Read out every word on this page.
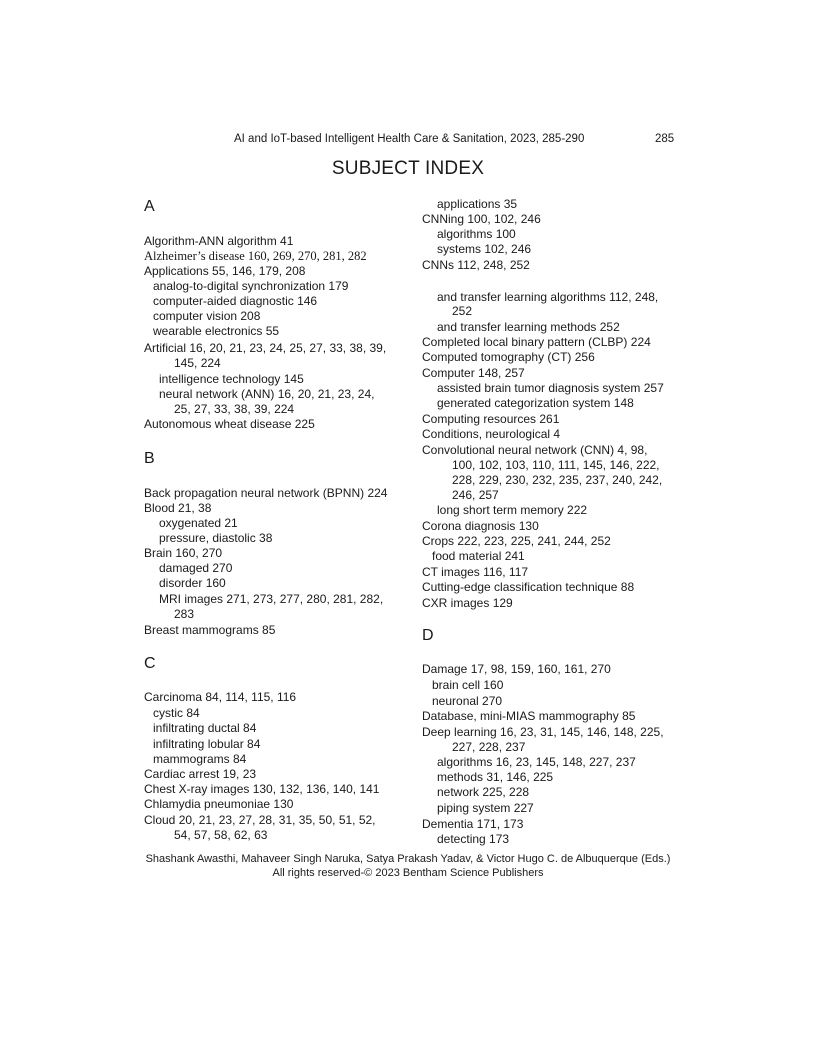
AI and IoT-based Intelligent Health Care & Sanitation, 2023, 285-290	285
SUBJECT INDEX
A
Algorithm-ANN algorithm 41
Alzheimer’s disease 160, 269, 270, 281, 282
Applications 55, 146, 179, 208
analog-to-digital synchronization 179
computer-aided diagnostic 146
computer vision 208
wearable electronics 55
Artificial 16, 20, 21, 23, 24, 25, 27, 33, 38, 39,
145, 224
intelligence technology 145
neural network (ANN) 16, 20, 21, 23, 24,
25, 27, 33, 38, 39, 224
Autonomous wheat disease 225
B
Back propagation neural network (BPNN) 224
Blood 21, 38
oxygenated 21
pressure, diastolic 38
Brain 160, 270
damaged 270
disorder 160
MRI images 271, 273, 277, 280, 281, 282,
283
Breast mammograms 85
C
Carcinoma 84, 114, 115, 116
cystic 84
infiltrating ductal 84
infiltrating lobular 84
mammograms 84
Cardiac arrest 19, 23
Chest X-ray images 130, 132, 136, 140, 141
Chlamydia pneumoniae 130
Cloud 20, 21, 23, 27, 28, 31, 35, 50, 51, 52,
54, 57, 58, 62, 63
applications 35
CNNing 100, 102, 246
algorithms 100
systems 102, 246
CNNs 112, 248, 252
and transfer learning algorithms 112, 248,
252
and transfer learning methods 252
Completed local binary pattern (CLBP) 224
Computed tomography (CT) 256
Computer 148, 257
assisted brain tumor diagnosis system 257
generated categorization system 148
Computing resources 261
Conditions, neurological 4
Convolutional neural network (CNN) 4, 98,
100, 102, 103, 110, 111, 145, 146, 222,
228, 229, 230, 232, 235, 237, 240, 242,
246, 257
long short term memory 222
Corona diagnosis 130
Crops 222, 223, 225, 241, 244, 252
food material 241
CT images 116, 117
Cutting-edge classification technique 88
CXR images 129
D
Damage 17, 98, 159, 160, 161, 270
brain cell 160
neuronal 270
Database, mini-MIAS mammography 85
Deep learning 16, 23, 31, 145, 146, 148, 225,
227, 228, 237
algorithms 16, 23, 145, 148, 227, 237
methods 31, 146, 225
network 225, 228
piping system 227
Dementia 171, 173
detecting 173
Shashank Awasthi, Mahaveer Singh Naruka, Satya Prakash Yadav, & Victor Hugo C. de Albuquerque (Eds.)
All rights reserved-© 2023 Bentham Science Publishers
